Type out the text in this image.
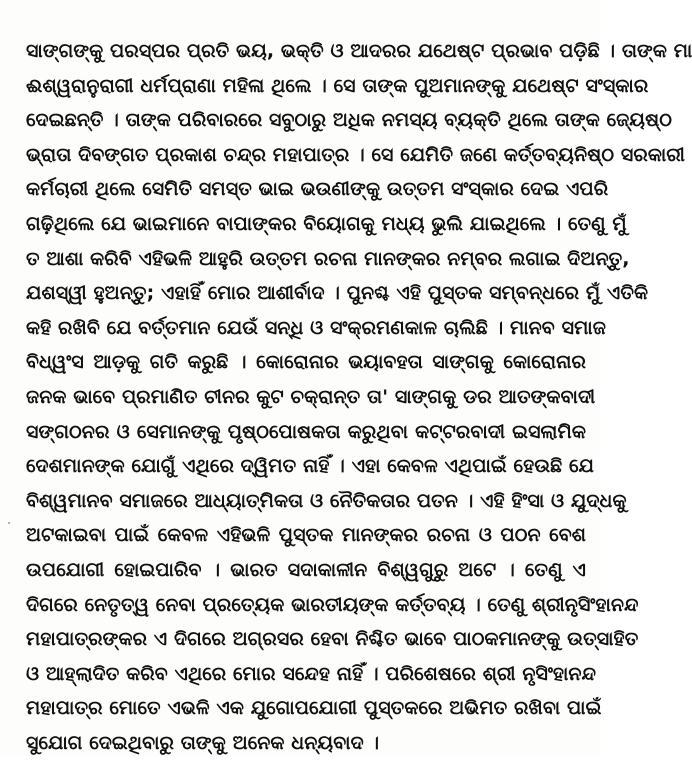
ସାଙ୍ଗଙ୍କୁ ପରସ୍ପର ପ୍ରତି ଭୟ, ଭକ୍ତି ଓ ଆଦରର ଯଥେଷ୍ଟ ପ୍ରଭାବ ପଡ଼ିଛି । ତାଙ୍କ ମା
ଈଶ୍ୱରାନୁରାଗୀ ଧର୍ମପ୍ରାଣା ମହିଳା ଥିଲେ । ସେ ତାଙ୍କ ପୁଅମାନଙ୍କୁ ଯଥେଷ୍ଟ ସଂସ୍କାର
ଦେଇଛନ୍ତି । ତାଙ୍କ ପରିବାରରେ ସବୁଠାରୁ ଅଧିକ ନମସ୍ୟ ବ୍ୟକ୍ତି ଥିଲେ ତାଙ୍କ ଜ୍ୟେଷ୍ଠ
ଭ୍ରାତା ଦିବଙ୍ଗତ ପ୍ରକାଶ ଚନ୍ଦ୍ର ମହାପାତ୍ର । ସେ ଯେମିତି ଜଣେ କର୍ତ୍ତବ୍ୟନିଷ୍ଠ ସରକାରୀ
କର୍ମଚାରୀ ଥିଲେ ସେମିତି ସମସ୍ତ ଭାଇ ଭଉଣୀଙ୍କୁ ଉତ୍ତମ ସଂସ୍କାର ଦେଇ ଏପରି
ଗଢ଼ିଥିଲେ ଯେ ଭାଇମାନେ ବାପାଙ୍କର ବିୟୋଗକୁ ମଧ୍ୟ ଭୁଲି ଯାଇଥିଲେ । ତେଣୁ ମୁଁ
ତ ଆଶା କରିବି ଏହିଭଳି ଆହୁରି ଉତ୍ତମ ରଚନା ମାନଙ୍କର ନମ୍ବର ଲଗାଇ ଦିଅନ୍ତୁ,
ଯଶସ୍ୱୀ ହୁଅନ୍ତୁ; ଏହାହିଁ ମୋର ଆଶୀର୍ବାଦ । ପୁନଶ୍ଚ ଏହି ପୁସ୍ତକ ସମ୍ବନ୍ଧରେ ମୁଁ ଏତିକି
କହି ରଖିବି ଯେ ବର୍ତ୍ତମାନ ଯେଉଁ ସନ୍ଧି ଓ ସଂକ୍ରମଣକାଳ ଚାଲିଛି । ମାନବ ସମାଜ
ବିଧ୍ୱଂସ ଆଡ଼କୁ ଗତି କରୁଛି । କୋରୋନାର ଭୟାବହତା ସାଙ୍ଗକୁ କୋରୋନାର
ଜନକ ଭାବେ ପ୍ରମାଣିତ ଚୀନର କୁଟ ଚକ୍ରାନ୍ତ ତା' ସାଙ୍ଗକୁ ଡର ଆତଙ୍କବାଦୀ
ସଙ୍ଗଠନର ଓ ସେମାନଙ୍କୁ ପୃଷ୍ଠପୋଷକତା କରୁଥିବା କଟ୍ଟରବାଦୀ ଇସଲାମିକ
ଦେଶମାନଙ୍କ ଯୋଗୁଁ ଏଥିରେ ଦ୍ୱିମତ ନାହିଁ । ଏହା କେବଳ ଏଥିପାଇଁ ହେଉଛି ଯେ
ବିଶ୍ୱମାନବ ସମାଜରେ ଆଧ୍ୟାତ୍ମିକତା ଓ ନୈତିକତାର ପତନ । ଏହି ହିଂସା ଓ ଯୁଦ୍ଧକୁ
ଅଟକାଇବା ପାଇଁ କେବଳ ଏହିଭଳି ପୁସ୍ତକ ମାନଙ୍କର ରଚନା ଓ ପଠନ ବେଶ
ଉପଯୋଗୀ ହୋଇପାରିବ । ଭାରତ ସଦାକାଳୀନ ବିଶ୍ୱଗୁରୁ ଅଟେ । ତେଣୁ ଏ
ଦିଗରେ ନେତୃତ୍ୱ ନେବା ପ୍ରତ୍ୟେକ ଭାରତୀୟଙ୍କ କର୍ତ୍ତବ୍ୟ । ତେଣୁ ଶ୍ରୀନୃସିଂହାନନ୍ଦ
ମହାପାତ୍ରଙ୍କର ଏ ଦିଗରେ ଅଗ୍ରସର ହେବା ନିଶ୍ଚିତ ଭାବେ ପାଠକମାନଙ୍କୁ ଉତ୍ସାହିତ
ଓ ଆହ୍ଲାଦିତ କରିବ ଏଥିରେ ମୋର ସନ୍ଦେହ ନାହିଁ । ପରିଶେଷରେ ଶ୍ରୀ ନୃସିଂହାନନ୍ଦ
ମହାପାତ୍ର ମୋତେ ଏଭଳି ଏକ ଯୁଗୋପଯୋଗୀ ପୁସ୍ତକରେ ଅଭିମତ ରଖିବା ପାଇଁ
ସୁଯୋଗ ଦେଇଥିବାରୁ ତାଙ୍କୁ ଅନେକ ଧନ୍ୟବାଦ ।
